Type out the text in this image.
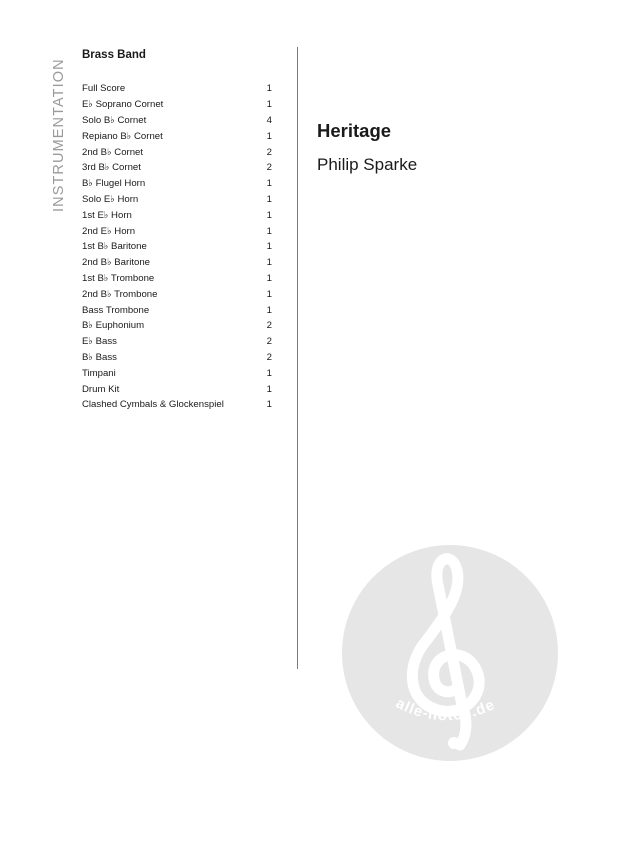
INSTRUMENTATION
Brass Band
Full Score	1
E♭ Soprano Cornet	1
Solo B♭ Cornet	4
Repiano B♭ Cornet	1
2nd B♭ Cornet	2
3rd B♭ Cornet	2
B♭ Flugel Horn	1
Solo E♭ Horn	1
1st E♭ Horn	1
2nd E♭ Horn	1
1st B♭ Baritone	1
2nd B♭ Baritone	1
1st B♭ Trombone	1
2nd B♭ Trombone	1
Bass Trombone	1
B♭ Euphonium	2
E♭ Bass	2
B♭ Bass	2
Timpani	1
Drum Kit	1
Clashed Cymbals & Glockenspiel	1
Heritage
Philip Sparke
alle-noten.de
